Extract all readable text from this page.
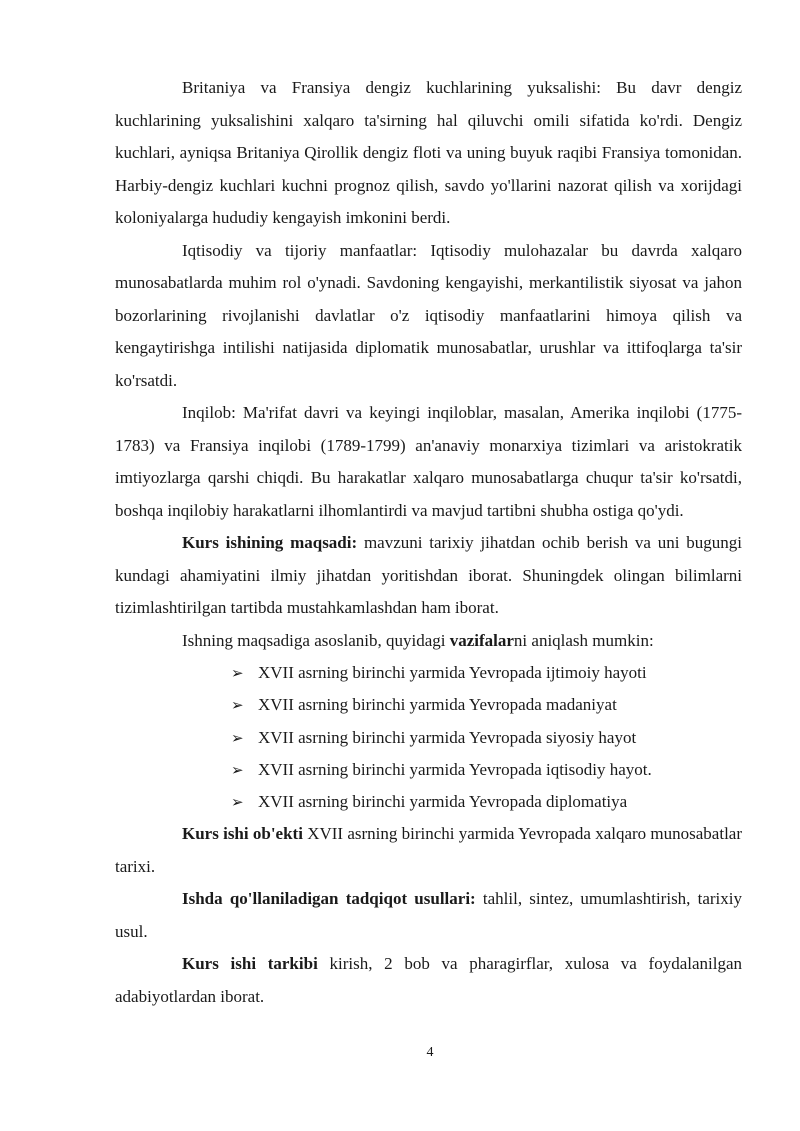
Britaniya va Fransiya dengiz kuchlarining yuksalishi: Bu davr dengiz kuchlarining yuksalishini xalqaro ta'sirning hal qiluvchi omili sifatida ko'rdi. Dengiz kuchlari, ayniqsa Britaniya Qirollik dengiz floti va uning buyuk raqibi Fransiya tomonidan. Harbiy-dengiz kuchlari kuchni prognoz qilish, savdo yo'llarini nazorat qilish va xorijdagi koloniyalarga hududiy kengayish imkonini berdi.

Iqtisodiy va tijoriy manfaatlar: Iqtisodiy mulohazalar bu davrda xalqaro munosabatlarda muhim rol o'ynadi. Savdoning kengayishi, merkantilistik siyosat va jahon bozorlarining rivojlanishi davlatlar o'z iqtisodiy manfaatlarini himoya qilish va kengaytirishga intilishi natijasida diplomatik munosabatlar, urushlar va ittifoqlarga ta'sir ko'rsatdi.

Inqilob: Ma'rifat davri va keyingi inqiloblar, masalan, Amerika inqilobi (1775-1783) va Fransiya inqilobi (1789-1799) an'anaviy monarxiya tizimlari va aristokratik imtiyozlarga qarshi chiqdi. Bu harakatlar xalqaro munosabatlarga chuqur ta'sir ko'rsatdi, boshqa inqilobiy harakatlarni ilhomlantirdi va mavjud tartibni shubha ostiga qo'ydi.

Kurs ishining maqsadi: mavzuni tarixiy jihatdan ochib berish va uni bugungi kundagi ahamiyatini ilmiy jihatdan yoritishdan iborat. Shuningdek olingan bilimlarni tizimlashtirilgan tartibda mustahkamlashdan ham iborat.

Ishning maqsadiga asoslanib, quyidagi vazifalarni aniqlash mumkin:

➢ XVII asrning birinchi yarmida Yevropada ijtimoiy hayoti
➢ XVII asrning birinchi yarmida Yevropada madaniyat
➢ XVII asrning birinchi yarmida Yevropada siyosiy hayot
➢ XVII asrning birinchi yarmida Yevropada iqtisodiy hayot.
➢ XVII asrning birinchi yarmida Yevropada diplomatiya

Kurs ishi ob'ekti XVII asrning birinchi yarmida Yevropada xalqaro munosabatlar tarixi.

Ishda qo'llaniladigan tadqiqot usullari: tahlil, sintez, umumlashtirish, tarixiy usul.

Kurs ishi tarkibi kirish, 2 bob va pharagirflar, xulosa va foydalanilgan adabiyotlardan iborat.

4
